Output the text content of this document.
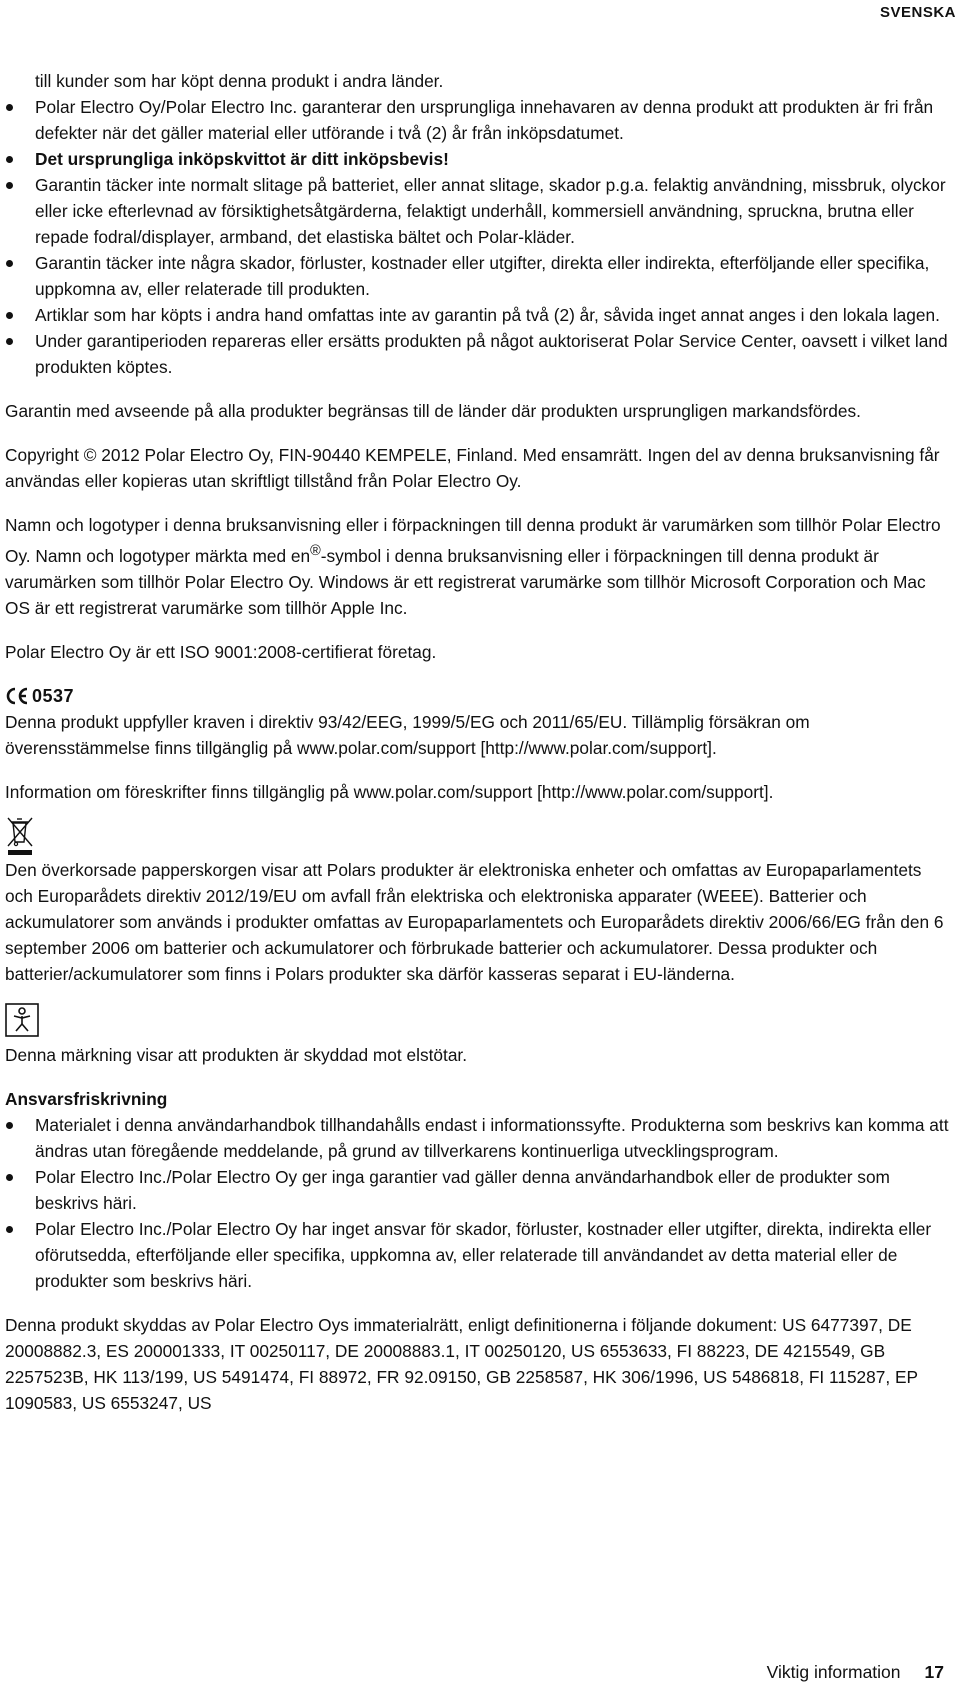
SVENSKA

till kunder som har köpt denna produkt i andra länder.

Polar Electro Oy/Polar Electro Inc. garanterar den ursprungliga innehavaren av denna produkt att produkten är fri från defekter när det gäller material eller utförande i två (2) år från inköpsdatumet.
Det ursprungliga inköpskvittot är ditt inköpsbevis!
Garantin täcker inte normalt slitage på batteriet, eller annat slitage, skador p.g.a. felaktig användning, missbruk, olyckor eller icke efterlevnad av försiktighetsåtgärderna, felaktigt underhåll, kommersiell användning, spruckna, brutna eller repade fodral/displayer, armband, det elastiska bältet och Polar-kläder.
Garantin täcker inte några skador, förluster, kostnader eller utgifter, direkta eller indirekta, efterföljande eller specifika, uppkomna av, eller relaterade till produkten.
Artiklar som har köpts i andra hand omfattas inte av garantin på två (2) år, såvida inget annat anges i den lokala lagen.
Under garantiperioden repareras eller ersätts produkten på något auktoriserat Polar Service Center, oavsett i vilket land produkten köptes.

Garantin med avseende på alla produkter begränsas till de länder där produkten ursprungligen markandsfördes.

Copyright © 2012 Polar Electro Oy, FIN-90440 KEMPELE, Finland. Med ensamrätt. Ingen del av denna bruksanvisning får användas eller kopieras utan skriftligt tillstånd från Polar Electro Oy.

Namn och logotyper i denna bruksanvisning eller i förpackningen till denna produkt är varumärken som tillhör Polar Electro Oy. Namn och logotyper märkta med en®-symbol i denna bruksanvisning eller i förpackningen till denna produkt är varumärken som tillhör Polar Electro Oy. Windows är ett registrerat varumärke som tillhör Microsoft Corporation och Mac OS är ett registrerat varumärke som tillhör Apple Inc.

Polar Electro Oy är ett ISO 9001:2008-certifierat företag.

0537

Denna produkt uppfyller kraven i direktiv 93/42/EEG, 1999/5/EG och 2011/65/EU. Tillämplig försäkran om överensstämmelse finns tillgänglig på www.polar.com/support [http://www.polar.com/support].

Information om föreskrifter finns tillgänglig på www.polar.com/support [http://www.polar.com/support].

Den överkorsade papperskorgen visar att Polars produkter är elektroniska enheter och omfattas av Europaparlamentets och Europarådets direktiv 2012/19/EU om avfall från elektriska och elektroniska apparater (WEEE). Batterier och ackumulatorer som används i produkter omfattas av Europaparlamentets och Europarådets direktiv 2006/66/EG från den 6 september 2006 om batterier och ackumulatorer och förbrukade batterier och ackumulatorer. Dessa produkter och batterier/ackumulatorer som finns i Polars produkter ska därför kasseras separat i EU-länderna.

Denna märkning visar att produkten är skyddad mot elstötar.

Ansvarsfriskrivning

Materialet i denna användarhandbok tillhandahålls endast i informationssyfte. Produkterna som beskrivs kan komma att ändras utan föregående meddelande, på grund av tillverkarens kontinuerliga utvecklingsprogram.
Polar Electro Inc./Polar Electro Oy ger inga garantier vad gäller denna användarhandbok eller de produkter som beskrivs häri.
Polar Electro Inc./Polar Electro Oy har inget ansvar för skador, förluster, kostnader eller utgifter, direkta, indirekta eller oförutsedda, efterföljande eller specifika, uppkomna av, eller relaterade till användandet av detta material eller de produkter som beskrivs häri.

Denna produkt skyddas av Polar Electro Oys immaterialrätt, enligt definitionerna i följande dokument: US 6477397, DE 20008882.3, ES 200001333, IT 00250117, DE 20008883.1, IT 00250120, US 6553633, FI 88223, DE 4215549, GB 2257523B, HK 113/199, US 5491474, FI 88972, FR 92.09150, GB 2258587, HK 306/1996, US 5486818, FI 115287, EP 1090583, US 6553247, US

Viktig information 17
